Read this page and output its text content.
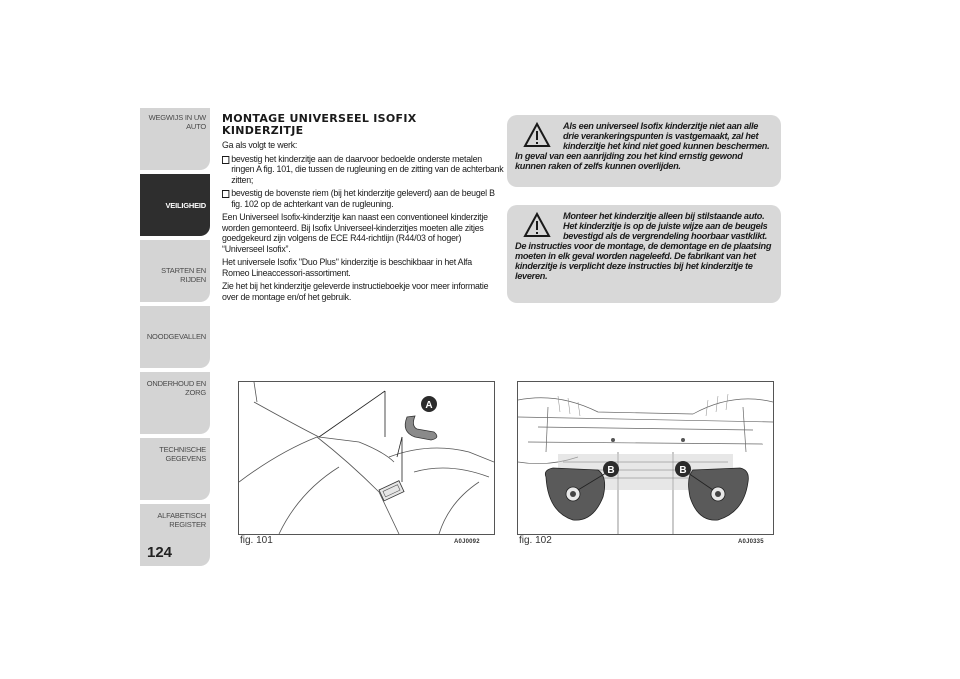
WEGWIJS IN UW AUTO
VEILIGHEID
STARTEN EN RIJDEN
NOODGEVALLEN
ONDERHOUD EN ZORG
TECHNISCHE GEGEVENS
ALFABETISCH REGISTER
124
MONTAGE UNIVERSEEL ISOFIX
KINDERZITJE
Ga als volgt te werk:
bevestig het kinderzitje aan de daarvoor bedoelde onderste metalen ringen A fig. 101, die tussen de rugleuning en de zitting van de achterbank zitten;
bevestig de bovenste riem (bij het kinderzitje geleverd) aan de beugel B fig. 102 op de achterkant van de rugleuning.
Een Universeel Isofix-kinderzitje kan naast een conventioneel kinderzitje worden gemonteerd. Bij Isofix Universeel-kinderzitjes moeten alle zitjes goedgekeurd zijn volgens de ECE R44-richtlijn (R44/03 of hoger) “Universeel Isofix”.
Het universele Isofix "Duo Plus" kinderzitje is beschikbaar in het Alfa Romeo Lineaccessori-assortiment.
Zie het bij het kinderzitje geleverde instructieboekje voor meer informatie over de montage en/of het gebruik.
Als een universeel Isofix kinderzitje niet aan alle drie verankeringspunten is vastgemaakt, zal het kinderzitje het kind niet goed kunnen beschermen. In geval van een aanrijding zou het kind ernstig gewond kunnen raken of zelfs kunnen overlijden.
Monteer het kinderzitje alleen bij stilstaande auto. Het kinderzitje is op de juiste wijze aan de beugels bevestigd als de vergrendeling hoorbaar vastklikt. De instructies voor de montage, de demontage en de plaatsing moeten in elk geval worden nageleefd. De fabrikant van het kinderzitje is verplicht deze instructies bij het kinderzitje te leveren.
A
fig. 101	A0J0092
B	B
fig. 102	A0J0335
